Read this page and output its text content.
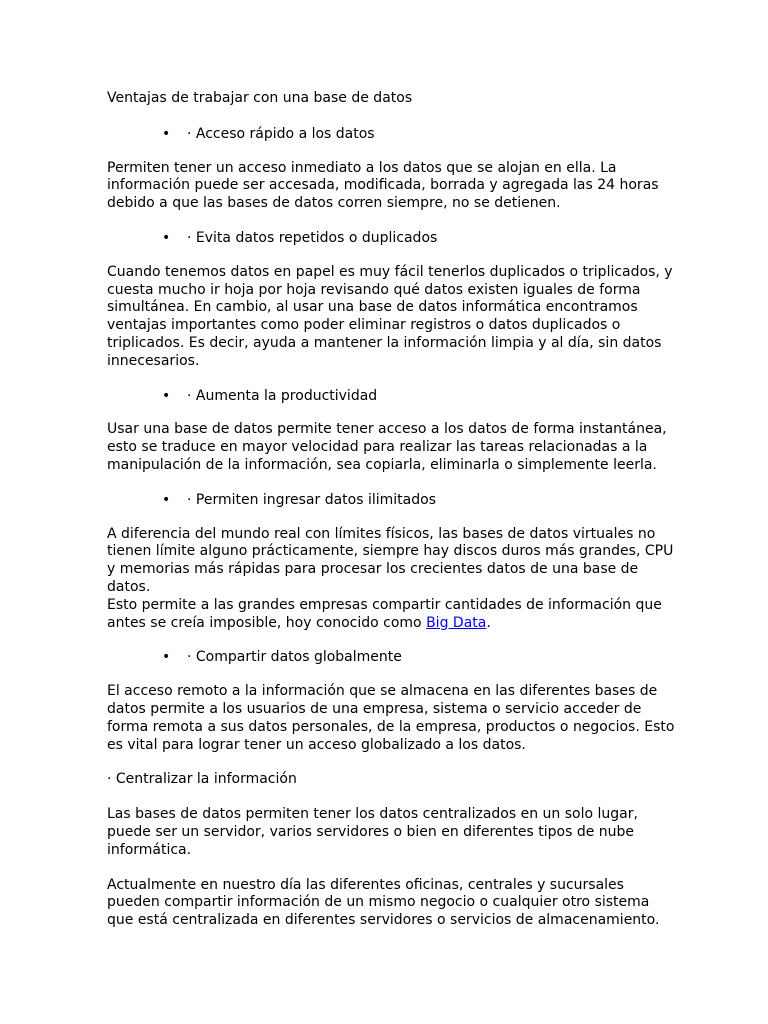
Ventajas de trabajar con una base de datos
• · Acceso rápido a los datos

Permiten tener un acceso inmediato a los datos que se alojan en ella. La información puede ser accesada, modificada, borrada y agregada las 24 horas debido a que las bases de datos corren siempre, no se detienen.

• · Evita datos repetidos o duplicados

Cuando tenemos datos en papel es muy fácil tenerlos duplicados o triplicados, y cuesta mucho ir hoja por hoja revisando qué datos existen iguales de forma simultánea. En cambio, al usar una base de datos informática encontramos ventajas importantes como poder eliminar registros o datos duplicados o triplicados. Es decir, ayuda a mantener la información limpia y al día, sin datos innecesarios.

• · Aumenta la productividad

Usar una base de datos permite tener acceso a los datos de forma instantánea, esto se traduce en mayor velocidad para realizar las tareas relacionadas a la manipulación de la información, sea copiarla, eliminarla o simplemente leerla.

• · Permiten ingresar datos ilimitados

A diferencia del mundo real con límites físicos, las bases de datos virtuales no tienen límite alguno prácticamente, siempre hay discos duros más grandes, CPU y memorias más rápidas para procesar los crecientes datos de una base de datos.

Esto permite a las grandes empresas compartir cantidades de información que antes se creía imposible, hoy conocido como Big Data.

• · Compartir datos globalmente

El acceso remoto a la información que se almacena en las diferentes bases de datos permite a los usuarios de una empresa, sistema o servicio acceder de forma remota a sus datos personales, de la empresa, productos o negocios. Esto es vital para lograr tener un acceso globalizado a los datos.

· Centralizar la información

Las bases de datos permiten tener los datos centralizados en un solo lugar, puede ser un servidor, varios servidores o bien en diferentes tipos de nube informática.

Actualmente en nuestro día las diferentes oficinas, centrales y sucursales pueden compartir información de un mismo negocio o cualquier otro sistema que está centralizada en diferentes servidores o servicios de almacenamiento.
